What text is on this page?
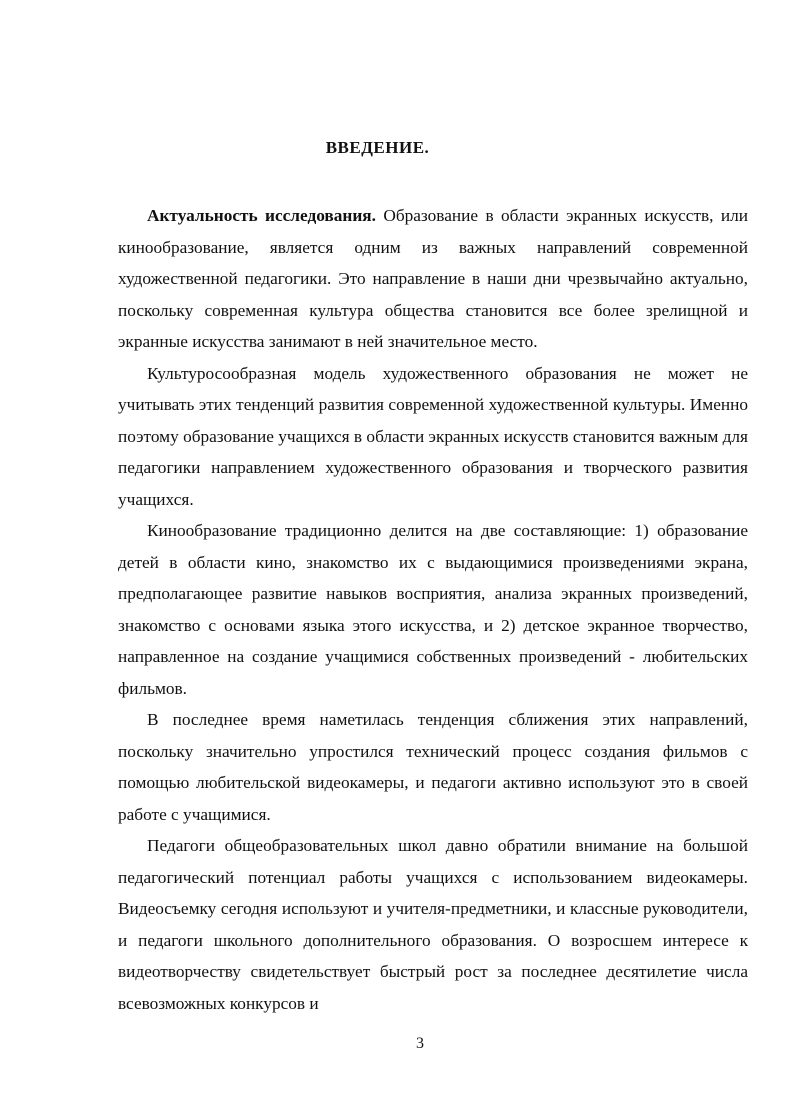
ВВЕДЕНИЕ.

Актуальность исследования. Образование в области экранных искусств, или кинообразование, является одним из важных направлений современной художественной педагогики. Это направление в наши дни чрезвычайно актуально, поскольку современная культура общества становится все более зрелищной и экранные искусства занимают в ней значительное место.

Культуросообразная модель художественного образования не может не учитывать этих тенденций развития современной художественной культуры. Именно поэтому образование учащихся в области экранных искусств становится важным для педагогики направлением художественного образования и творческого развития учащихся.

Кинообразование традиционно делится на две составляющие: 1) образование детей в области кино, знакомство их с выдающимися произведениями экрана, предполагающее развитие навыков восприятия, анализа экранных произведений, знакомство с основами языка этого искусства, и 2) детское экранное творчество, направленное на создание учащимися собственных произведений - любительских фильмов.

В последнее время наметилась тенденция сближения этих направлений, поскольку значительно упростился технический процесс создания фильмов с помощью любительской видеокамеры, и педагоги активно используют это в своей работе с учащимися.

Педагоги общеобразовательных школ давно обратили внимание на большой педагогический потенциал работы учащихся с использованием видеокамеры. Видеосъемку сегодня используют и учителя-предметники, и классные руководители, и педагоги школьного дополнительного образования. О возросшем интересе к видеотворчеству свидетельствует быстрый рост за последнее десятилетие числа всевозможных конкурсов и

3
